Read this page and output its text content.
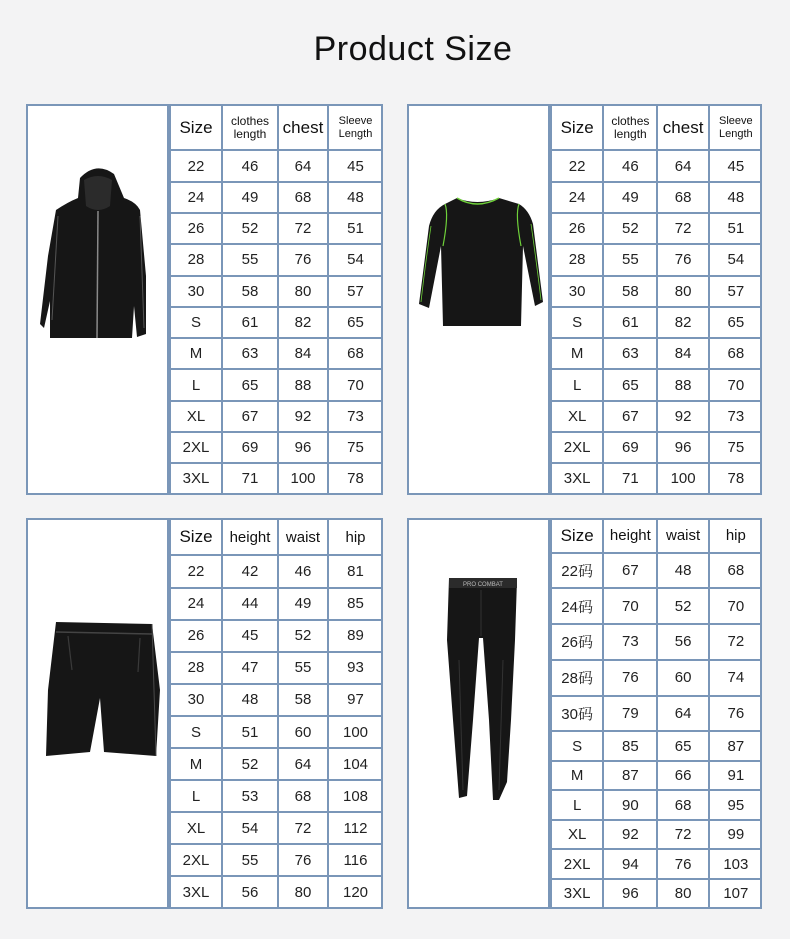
Product Size
Size	clothes length	chest	Sleeve Length
22	46	64	45
24	49	68	48
26	52	72	51
28	55	76	54
30	58	80	57
S	61	82	65
M	63	84	68
L	65	88	70
XL	67	92	73
2XL	69	96	75
3XL	71	100	78
Size	clothes length	chest	Sleeve Length
22	46	64	45
24	49	68	48
26	52	72	51
28	55	76	54
30	58	80	57
S	61	82	65
M	63	84	68
L	65	88	70
XL	67	92	73
2XL	69	96	75
3XL	71	100	78
Size	height	waist	hip
22	42	46	81
24	44	49	85
26	45	52	89
28	47	55	93
30	48	58	97
S	51	60	100
M	52	64	104
L	53	68	108
XL	54	72	112
2XL	55	76	116
3XL	56	80	120
PRO COMBAT
Size	height	waist	hip
22码	67	48	68
24码	70	52	70
26码	73	56	72
28码	76	60	74
30码	79	64	76
S	85	65	87
M	87	66	91
L	90	68	95
XL	92	72	99
2XL	94	76	103
3XL	96	80	107
